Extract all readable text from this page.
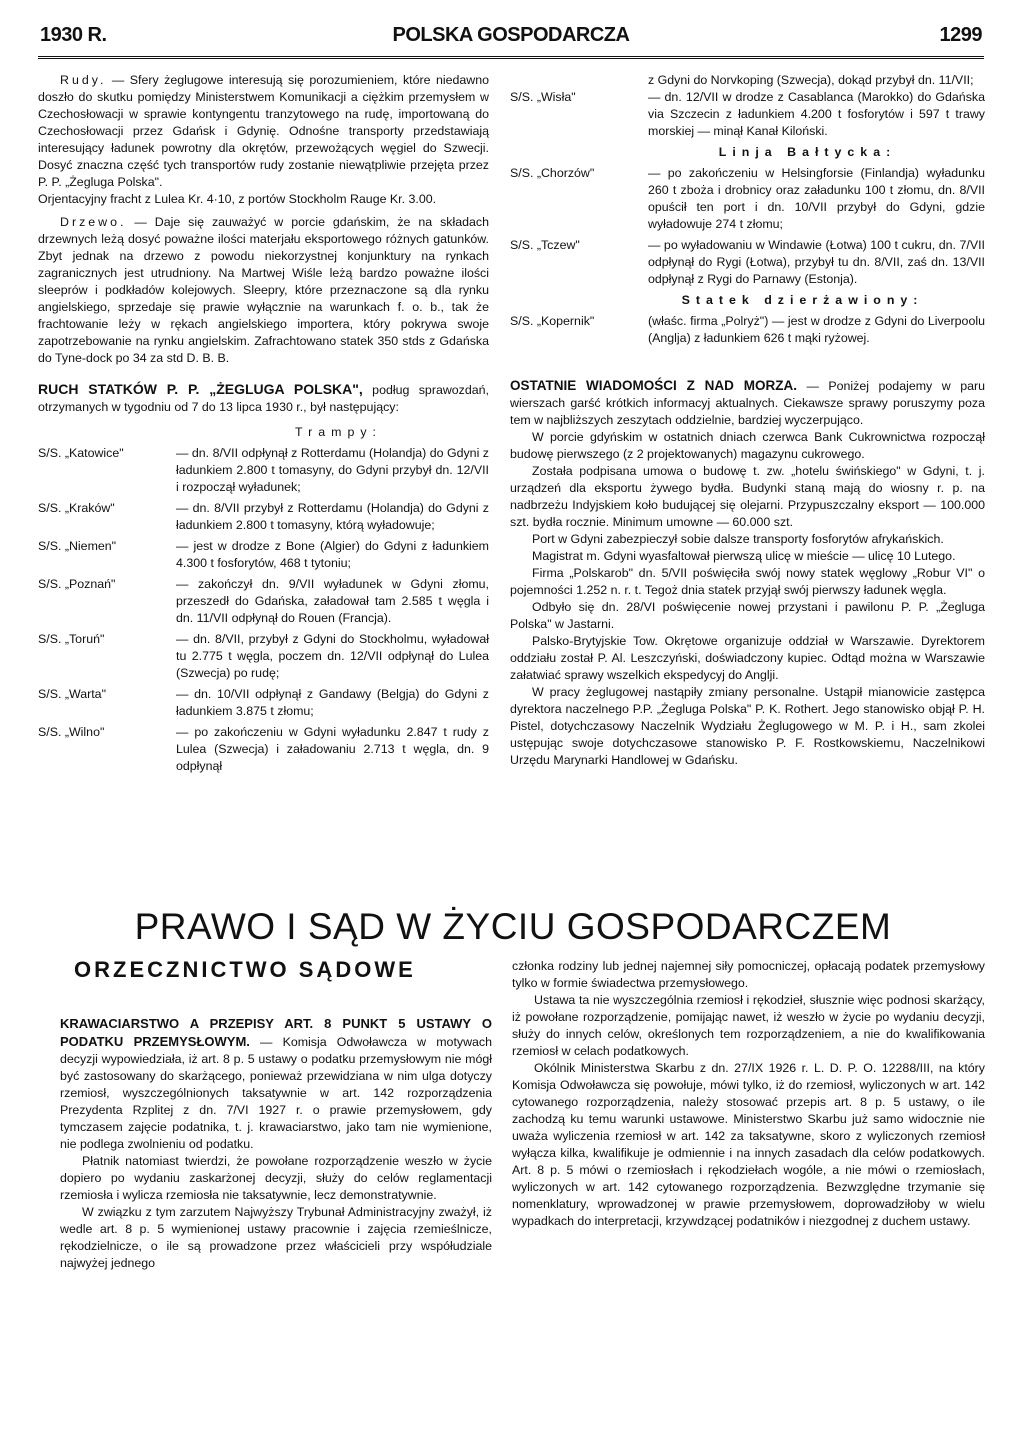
1930 R.	POLSKA GOSPODARCZA	1299

Rudy. — Sfery żeglugowe interesują się porozumieniem, które niedawno doszło do skutku pomiędzy Ministerstwem Komunikacji a ciężkim przemysłem w Czechosłowacji w sprawie kontyngentu tranzytowego na rudę, importowaną do Czechosłowacji przez Gdańsk i Gdynię. Odnośne transporty przedstawiają interesujący ładunek powrotny dla okrętów, przewożących węgiel do Szwecji. Dosyć znaczna część tych transportów rudy zostanie niewątpliwie przejęta przez P. P. „Żegluga Polska".

Orjentacyjny fracht z Lulea Kr. 4·10, z portów Stockholm Rauge Kr. 3.00.

Drzewo. — Daje się zauważyć w porcie gdańskim, że na składach drzewnych leżą dosyć poważne ilości materjału eksportowego różnych gatunków. Zbyt jednak na drzewo z powodu niekorzystnej konjunktury na rynkach zagranicznych jest utrudniony. Na Martwej Wiśle leżą bardzo poważne ilości sleeprów i podkładów kolejowych. Sleepry, które przeznaczone są dla rynku angielskiego, sprzedaje się prawie wyłącznie na warunkach f. o. b., tak że frachtowanie leży w rękach angielskiego importera, który pokrywa swoje zapotrzebowanie na rynku angielskim. Zafrachtowano statek 350 stds z Gdańska do Tyne-dock po 34 za std D. B. B.

RUCH STATKÓW P. P. „ŻEGLUGA POLSKA", podług sprawozdań, otrzymanych w tygodniu od 7 do 13 lipca 1930 r., był następujący:

Trampy:
S/S. „Katowice"	— dn. 8/VII odpłynął z Rotterdamu (Holandja) do Gdyni z ładunkiem 2.800 t tomasyny, do Gdyni przybył dn. 12/VII i rozpoczął wyładunek;
S/S. „Kraków"	— dn. 8/VII przybył z Rotterdamu (Holandja) do Gdyni z ładunkiem 2.800 t tomasyny, którą wyładowuje;
S/S. „Niemen"	— jest w drodze z Bone (Algier) do Gdyni z ładunkiem 4.300 t fosforytów, 468 t tytoniu;
S/S. „Poznań"	— zakończył dn. 9/VII wyładunek w Gdyni złomu, przeszedł do Gdańska, załadował tam 2.585 t węgla i dn. 11/VII odpłynął do Rouen (Francja).
S/S. „Toruń"	— dn. 8/VII, przybył z Gdyni do Stockholmu, wyładował tu 2.775 t węgla, poczem dn. 12/VII odpłynął do Lulea (Szwecja) po rudę;
S/S. „Warta"	— dn. 10/VII odpłynął z Gandawy (Belgja) do Gdyni z ładunkiem 3.875 t złomu;
S/S. „Wilno"	— po zakończeniu w Gdyni wyładunku 2.847 t rudy z Lulea (Szwecja) i załadowaniu 2.713 t węgla, dn. 9 odpłynął

z Gdyni do Norvkoping (Szwecja), dokąd przybył dn. 11/VII;

S/S. „Wisła"	— dn. 12/VII w drodze z Casablanca (Marokko) do Gdańska via Szczecin z ładunkiem 4.200 t fosforytów i 597 t trawy morskiej — minął Kanał Kiloński.
Linja Bałtycka:
S/S. „Chorzów"	— po zakończeniu w Helsingforsie (Finlandja) wyładunku 260 t zboża i drobnicy oraz załadunku 100 t złomu, dn. 8/VII opuścił ten port i dn. 10/VII przybył do Gdyni, gdzie wyładowuje 274 t złomu;
S/S. „Tczew"	— po wyładowaniu w Windawie (Łotwa) 100 t cukru, dn. 7/VII odpłynął do Rygi (Łotwa), przybył tu dn. 8/VII, zaś dn. 13/VII odpłynął z Rygi do Parnawy (Estonja).
Statek dzierżawiony:
S/S. „Kopernik"	(właśc. firma „Polryż") — jest w drodze z Gdyni do Liverpoolu (Anglja) z ładunkiem 626 t mąki ryżowej.

OSTATNIE WIADOMOŚCI Z NAD MORZA. — Poniżej podajemy w paru wierszach garść krótkich informacyj aktualnych. Ciekawsze sprawy poruszymy poza tem w najbliższych zeszytach oddzielnie, bardziej wyczerpująco.

W porcie gdyńskim w ostatnich dniach czerwca Bank Cukrownictwa rozpoczął budowę pierwszego (z 2 projektowanych) magazynu cukrowego.

Została podpisana umowa o budowę t. zw. „hotelu świńskiego" w Gdyni, t. j. urządzeń dla eksportu żywego bydła. Budynki staną mają do wiosny r. p. na nadbrzeżu Indyjskiem koło budującej się olejarni. Przypuszczalny eksport — 100.000 szt. bydła rocznie. Minimum umowne — 60.000 szt.

Port w Gdyni zabezpieczył sobie dalsze transporty fosforytów afrykańskich.

Magistrat m. Gdyni wyasfaltował pierwszą ulicę w mieście — ulicę 10 Lutego.

Firma „Polskarob" dn. 5/VII poświęciła swój nowy statek węglowy „Robur VI" o pojemności 1.252 n. r. t. Tegoż dnia statek przyjął swój pierwszy ładunek węgla.

Odbyło się dn. 28/VI poświęcenie nowej przystani i pawilonu P. P. „Żegluga Polska" w Jastarni.

Palsko-Brytyjskie Tow. Okrętowe organizuje oddział w Warszawie. Dyrektorem oddziału został P. Al. Leszczyński, doświadczony kupiec. Odtąd można w Warszawie załatwiać sprawy wszelkich ekspedycyj do Anglji.

W pracy żeglugowej nastąpiły zmiany personalne. Ustąpił mianowicie zastępca dyrektora naczelnego P.P. „Żegluga Polska" P. K. Rothert. Jego stanowisko objął P. H. Pistel, dotychczasowy Naczelnik Wydziału Żeglugowego w M. P. i H., sam zkolei ustępując swoje dotychczasowe stanowisko P. F. Rostkowskiemu, Naczelnikowi Urzędu Marynarki Handlowej w Gdańsku.

PRAWO I SĄD W ŻYCIU GOSPODARCZEM
ORZECZNICTWO SĄDOWE

KRAWACIARSTWO A PRZEPISY ART. 8 PUNKT 5 USTAWY O PODATKU PRZEMYSŁOWYM. — Komisja Odwoławcza w motywach decyzji wypowiedziała, iż art. 8 p. 5 ustawy o podatku przemysłowym nie mógł być zastosowany do skarżącego, ponieważ przewidziana w nim ulga dotyczy rzemiosł, wyszczególnionych taksatywnie w art. 142 rozporządzenia Prezydenta Rzplitej z dn. 7/VI 1927 r. o prawie przemysłowem, gdy tymczasem zajęcie podatnika, t. j. krawaciarstwo, jako tam nie wymienione, nie podlega zwolnieniu od podatku.

Płatnik natomiast twierdzi, że powołane rozporządzenie weszło w życie dopiero po wydaniu zaskarżonej decyzji, służy do celów reglamentacji rzemiosła i wylicza rzemiosła nie taksatywnie, lecz demonstratywnie.

W związku z tym zarzutem Najwyższy Trybunał Administracyjny zważył, iż wedle art. 8 p. 5 wymienionej ustawy pracownie i zajęcia rzemieślnicze, rękodzielnicze, o ile są prowadzone przez właścicieli przy współudziale najwyżej jednego

członka rodziny lub jednej najemnej siły pomocniczej, opłacają podatek przemysłowy tylko w formie świadectwa przemysłowego.

Ustawa ta nie wyszczególnia rzemiosł i rękodzieł, słusznie więc podnosi skarżący, iż powołane rozporządzenie, pomijając nawet, iż weszło w życie po wydaniu decyzji, służy do innych celów, określonych tem rozporządzeniem, a nie do kwalifikowania rzemiosł w celach podatkowych.

Okólnik Ministerstwa Skarbu z dn. 27/IX 1926 r. L. D. P. O. 12288/III, na który Komisja Odwoławcza się powołuje, mówi tylko, iż do rzemiosł, wyliczonych w art. 142 cytowanego rozporządzenia, należy stosować przepis art. 8 p. 5 ustawy, o ile zachodzą ku temu warunki ustawowe. Ministerstwo Skarbu już samo widocznie nie uważa wyliczenia rzemiosł w art. 142 za taksatywne, skoro z wyliczonych rzemiosł wyłącza kilka, kwalifikuje je odmiennie i na innych zasadach dla celów podatkowych. Art. 8 p. 5 mówi o rzemiosłach i rękodziełach wogóle, a nie mówi o rzemiosłach, wyliczonych w art. 142 cytowanego rozporządzenia. Bezwzględne trzymanie się nomenklatury, wprowadzonej w prawie przemysłowem, doprowadziłoby w wielu wypadkach do interpretacji, krzywdzącej podatników i niezgodnej z duchem ustawy.
